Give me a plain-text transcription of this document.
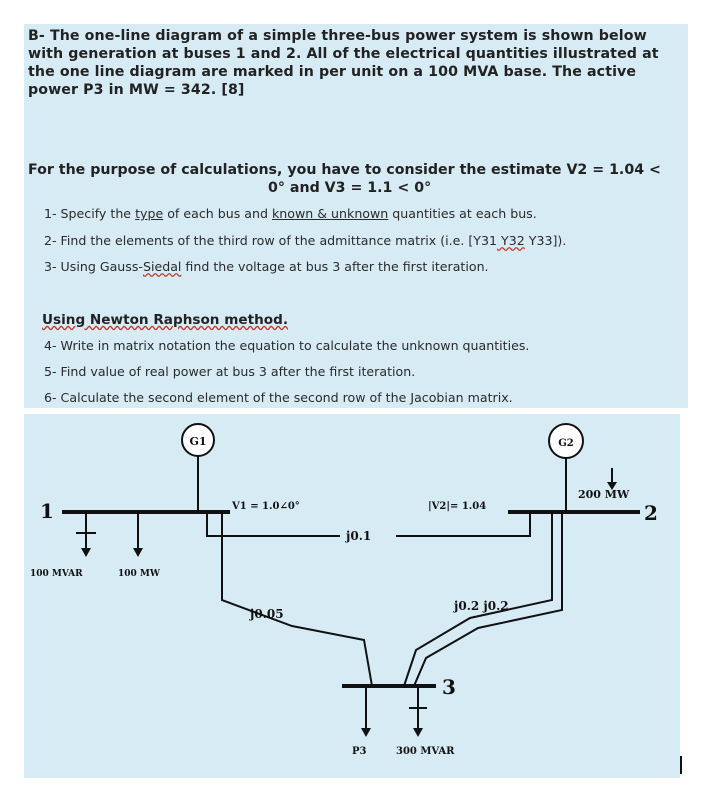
B- The one-line diagram of a simple three-bus power system is shown below
with generation at buses 1 and 2. All of the electrical quantities illustrated at
the one line diagram are marked in per unit on a 100 MVA base. The active
power P3 in MW = 342. [8]
For the purpose of calculations, you have to consider the estimate V2 = 1.04 <
0° and V3 = 1.1 < 0°
1- Specify the type of each bus and known & unknown quantities at each bus.
2- Find the elements of the third row of the admittance matrix (i.e. [Y31 Y32 Y33]).
3- Using Gauss-Siedal find the voltage at bus 3 after the first iteration.
Using Newton Raphson method.
4- Write in matrix notation the equation to calculate the unknown quantities.
5- Find value of real power at bus 3 after the first iteration.
6- Calculate the second element of the second row of the Jacobian matrix.
G1	G2
1	2
3
V1 = 1.0∠0°	|V2|= 1.04
j0.1
j0.05
j0.2 j0.2
100 MVAR	100 MW
200 MW
P3	300 MVAR
